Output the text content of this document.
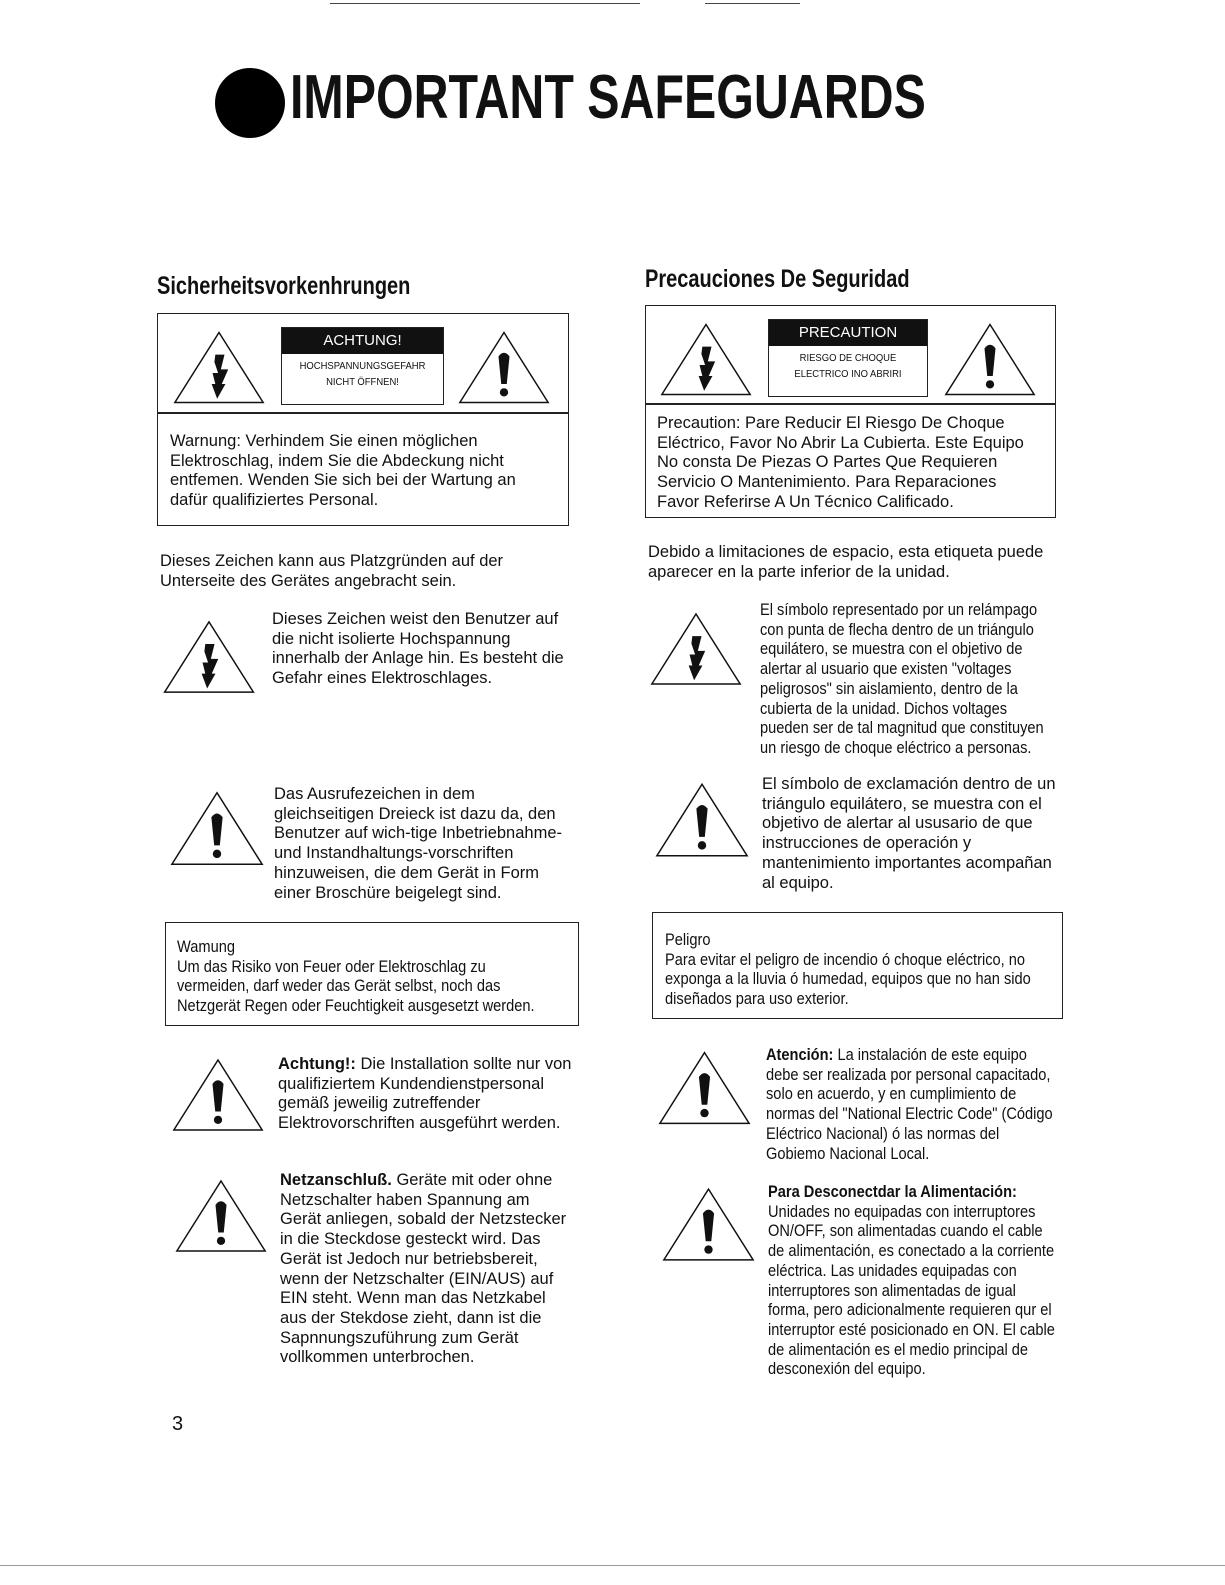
IMPORTANT SAFEGUARDS
Sicherheitsvorkenhrungen
ACHTUNG!
HOCHSPANNUNGSGEFAHR
NICHT ÖFFNEN!
Warnung: Verhindem Sie einen möglichen
Elektroschlag, indem Sie die Abdeckung nicht
entfemen. Wenden Sie sich bei der Wartung an
dafür qualifiziertes Personal.
Dieses Zeichen kann aus Platzgründen auf der
Unterseite des Gerätes angebracht sein.
Dieses Zeichen weist den Benutzer auf
die nicht isolierte Hochspannung
innerhalb der Anlage hin. Es besteht die
Gefahr eines Elektroschlages.
Das Ausrufezeichen in dem
gleichseitigen Dreieck ist dazu da, den
Benutzer auf wich-tige Inbetriebnahme-
und Instandhaltungs-vorschriften
hinzuweisen, die dem Gerät in Form
einer Broschüre beigelegt sind.
Wamung
Um das Risiko von Feuer oder Elektroschlag zu
vermeiden, darf weder das Gerät selbst, noch das
Netzgerät Regen oder Feuchtigkeit ausgesetzt werden.
Achtung!: Die Installation sollte nur von
qualifiziertem Kundendienstpersonal
gemäß jeweilig zutreffender
Elektrovorschriften ausgeführt werden.
Netzanschluß. Geräte mit oder ohne
Netzschalter haben Spannung am
Gerät anliegen, sobald der Netzstecker
in die Steckdose gesteckt wird. Das
Gerät ist Jedoch nur betriebsbereit,
wenn der Netzschalter (EIN/AUS) auf
EIN steht. Wenn man das Netzkabel
aus der Stekdose zieht, dann ist die
Sapnnungszuführung zum Gerät
vollkommen unterbrochen.
Precauciones De Seguridad
PRECAUTION
RIESGO DE CHOQUE
ELECTRICO INO ABRIRI
Precaution: Pare Reducir El Riesgo De Choque
Eléctrico, Favor No Abrir La Cubierta. Este Equipo
No consta De Piezas O Partes Que Requieren
Servicio O Mantenimiento. Para Reparaciones
Favor Referirse A Un Técnico Calificado.
Debido a limitaciones de espacio, esta etiqueta puede
aparecer en la parte inferior de la unidad.
El símbolo representado por un relámpago
con punta de flecha dentro de un triángulo
equilátero, se muestra con el objetivo de
alertar al usuario que existen "voltages
peligrosos" sin aislamiento, dentro de la
cubierta de la unidad. Dichos voltages
pueden ser de tal magnitud que constituyen
un riesgo de choque eléctrico a personas.
El símbolo de exclamación dentro de un
triángulo equilátero, se muestra con el
objetivo de alertar al ususario de que
instrucciones de operación y
mantenimiento importantes acompañan
al equipo.
Peligro
Para evitar el peligro de incendio ó choque eléctrico, no
exponga a la lluvia ó humedad, equipos que no han sido
diseñados para uso exterior.
Atención: La instalación de este equipo
debe ser realizada por personal capacitado,
solo en acuerdo, y en cumplimiento de
normas del "National Electric Code" (Código
Eléctrico Nacional) ó las normas del
Gobiemo Nacional Local.
Para Desconectdar la Alimentación:
Unidades no equipadas con interruptores
ON/OFF, son alimentadas cuando el cable
de alimentación, es conectado a la corriente
eléctrica. Las unidades equipadas con
interruptores son alimentadas de igual
forma, pero adicionalmente requieren qur el
interruptor esté posicionado en ON. El cable
de alimentación es el medio principal de
desconexión del equipo.
3
